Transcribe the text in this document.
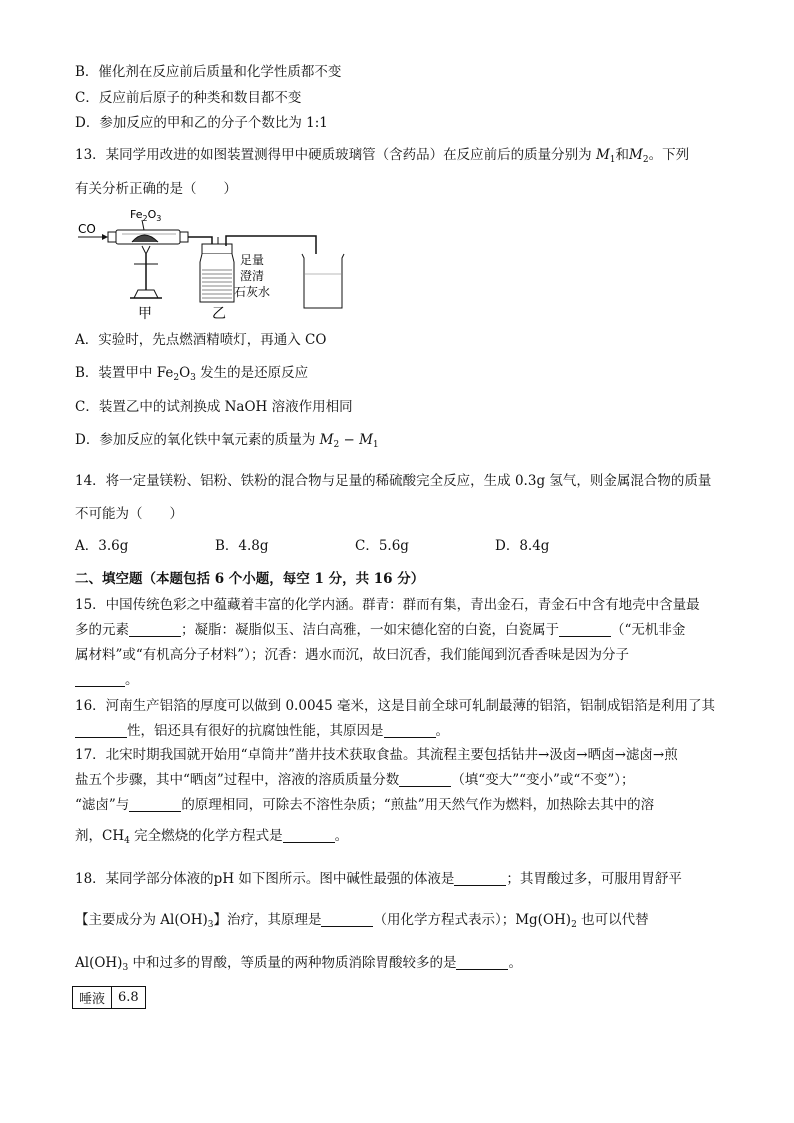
B．催化剂在反应前后质量和化学性质都不变
C．反应前后原子的种类和数目都不变
D．参加反应的甲和乙的分子个数比为 1:1
13．某同学用改进的如图装置测得甲中硬质玻璃管（含药品）在反应前后的质量分别为 $M_1$和$M_2$。下列
有关分析正确的是（　　）
CO
$Fe_2O_3$
甲	乙
足量
澄清
石灰水
A．实验时，先点燃酒精喷灯，再通入 CO
B．装置甲中 $Fe_2O_3$ 发生的是还原反应
C．装置乙中的试剂换成 NaOH 溶液作用相同
D．参加反应的氧化铁中氧元素的质量为 $M_2 - M_1$
14．将一定量镁粉、铝粉、铁粉的混合物与足量的稀硫酸完全反应，生成 0.3g 氢气，则金属混合物的质量
不可能为（　　）
A．3.6g	B．4.8g	C．5.6g	D．8.4g
二、填空题（本题包括 6 个小题，每空 1 分，共 16 分）
15．中国传统色彩之中蕴藏着丰富的化学内涵。群青：群而有集，青出金石，青金石中含有地壳中含量最
多的元素	；凝脂：凝脂似玉、洁白高雅，一如宋德化窑的白瓷，白瓷属于	（“无机非金
属材料”或“有机高分子材料”）；沉香：遇水而沉，故曰沉香，我们能闻到沉香香味是因为分子
。
16．河南生产铝箔的厚度可以做到 0.0045 毫米，这是目前全球可轧制最薄的铝箔，铝制成铝箔是利用了其
性，铝还具有很好的抗腐蚀性能，其原因是	。
17．北宋时期我国就开始用“卓筒井”凿井技术获取食盐。其流程主要包括钻井→汲卤→晒卤→滤卤→煎
盐五个步骤，其中“晒卤”过程中，溶液的溶质质量分数	（填“变大”“变小”或“不变”）；
“滤卤”与	的原理相同，可除去不溶性杂质；“煎盐”用天然气作为燃料，加热除去其中的溶
剂，$CH_4$ 完全燃烧的化学方程式是	。
18．某同学部分体液的pH 如下图所示。图中碱性最强的体液是	；其胃酸过多，可服用胃舒平
【主要成分为 $Al(OH)_3$】治疗，其原理是	（用化学方程式表示）；$Mg(OH)_2$ 也可以代替
$Al(OH)_3$ 中和过多的胃酸，等质量的两种物质消除胃酸较多的是	。
唾液	6.8
